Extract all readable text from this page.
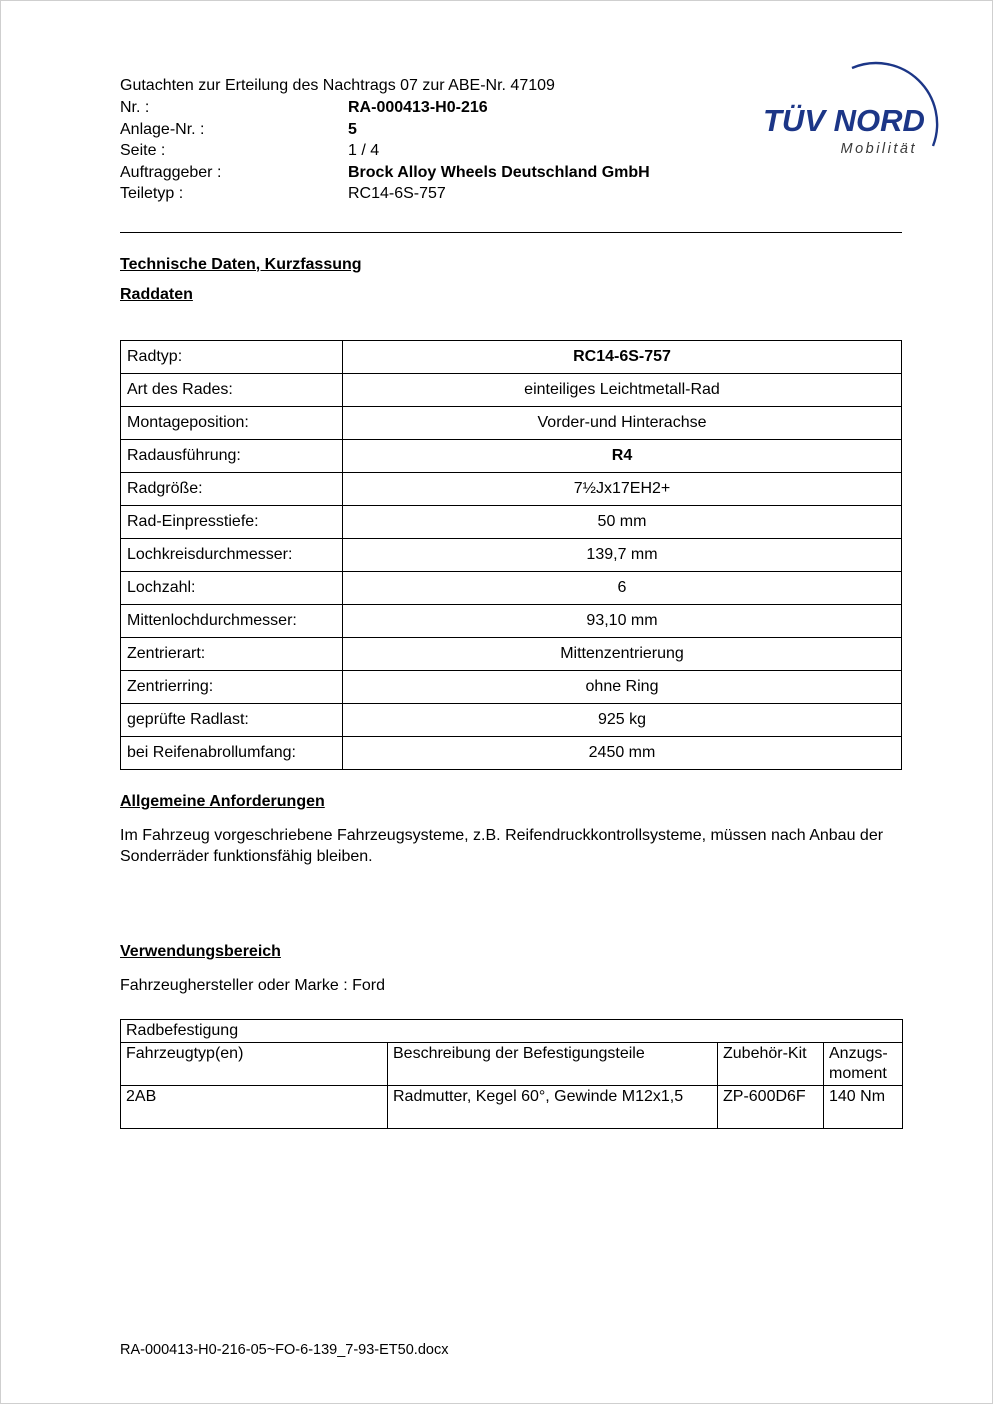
Gutachten zur Erteilung des Nachtrags 07 zur ABE-Nr. 47109
Nr. :	RA-000413-H0-216
Anlage-Nr. :	5
Seite :	1 / 4
Auftraggeber :	Brock Alloy Wheels Deutschland GmbH
Teiletyp :	RC14-6S-757
Technische Daten, Kurzfassung
Raddaten
Radtyp:	RC14-6S-757
Art des Rades:	einteiliges Leichtmetall-Rad
Montageposition:	Vorder-und Hinterachse
Radausführung:	R4
Radgröße:	7½Jx17EH2+
Rad-Einpresstiefe:	50 mm
Lochkreisdurchmesser:	139,7 mm
Lochzahl:	6
Mittenlochdurchmesser:	93,10 mm
Zentrierart:	Mittenzentrierung
Zentrierring:	ohne Ring
geprüfte Radlast:	925 kg
bei Reifenabrollumfang:	2450 mm
Allgemeine Anforderungen

Im Fahrzeug vorgeschriebene Fahrzeugsysteme, z.B. Reifendruckkontrollsysteme, müssen nach Anbau der Sonderräder funktionsfähig bleiben.

Verwendungsbereich
Fahrzeughersteller oder Marke : Ford
Radbefestigung			
Fahrzeugtyp(en)	Beschreibung der Befestigungsteile	Zubehör-Kit	Anzugs-moment
2AB	Radmutter, Kegel 60°, Gewinde M12x1,5	ZP-600D6F	140 Nm
TÜV NORD
Mobilität
RA-000413-H0-216-05~FO-6-139_7-93-ET50.docx
